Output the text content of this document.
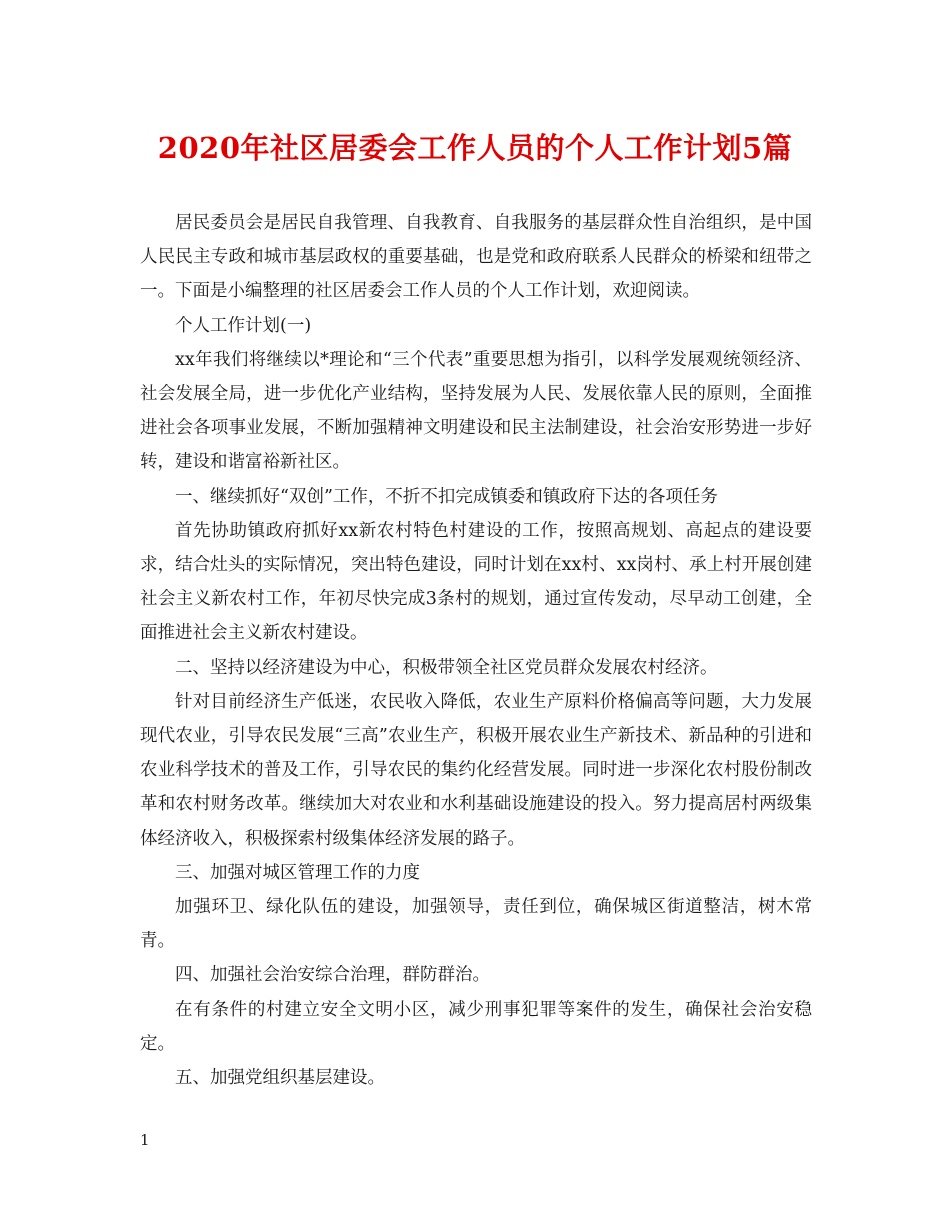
2020年社区居委会工作人员的个人工作计划5篇

居民委员会是居民自我管理、自我教育、自我服务的基层群众性自治组织，是中国人民民主专政和城市基层政权的重要基础，也是党和政府联系人民群众的桥梁和纽带之一。下面是小编整理的社区居委会工作人员的个人工作计划，欢迎阅读。

个人工作计划(一)

xx年我们将继续以*理论和“三个代表”重要思想为指引，以科学发展观统领经济、社会发展全局，进一步优化产业结构，坚持发展为人民、发展依靠人民的原则，全面推进社会各项事业发展，不断加强精神文明建设和民主法制建设，社会治安形势进一步好转，建设和谐富裕新社区。

一、继续抓好“双创”工作，不折不扣完成镇委和镇政府下达的各项任务

首先协助镇政府抓好xx新农村特色村建设的工作，按照高规划、高起点的建设要求，结合灶头的实际情况，突出特色建设，同时计划在xx村、xx岗村、承上村开展创建社会主义新农村工作，年初尽快完成3条村的规划，通过宣传发动，尽早动工创建，全面推进社会主义新农村建设。

二、坚持以经济建设为中心，积极带领全社区党员群众发展农村经济。

针对目前经济生产低迷，农民收入降低，农业生产原料价格偏高等问题，大力发展现代农业，引导农民发展“三高”农业生产，积极开展农业生产新技术、新品种的引进和农业科学技术的普及工作，引导农民的集约化经营发展。同时进一步深化农村股份制改革和农村财务改革。继续加大对农业和水利基础设施建设的投入。努力提高居村两级集体经济收入，积极探索村级集体经济发展的路子。

三、加强对城区管理工作的力度

加强环卫、绿化队伍的建设，加强领导，责任到位，确保城区街道整洁，树木常青。

四、加强社会治安综合治理，群防群治。

在有条件的村建立安全文明小区，减少刑事犯罪等案件的发生，确保社会治安稳定。

五、加强党组织基层建设。

1
